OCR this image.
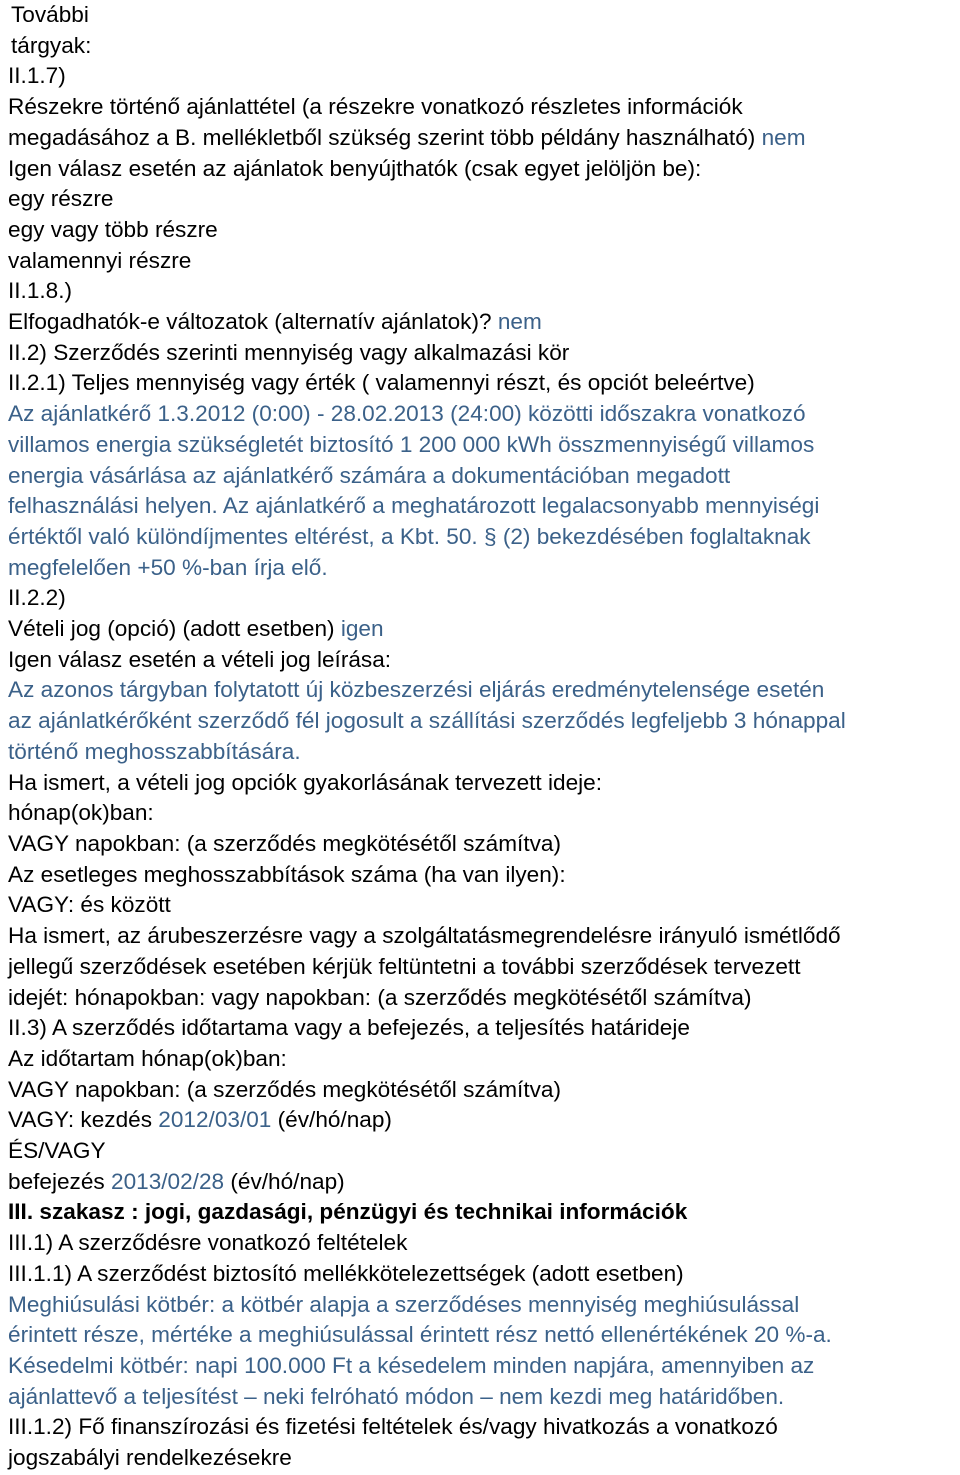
További
tárgyak:
II.1.7)
Részekre történő ajánlattétel (a részekre vonatkozó részletes információk
megadásához a B. mellékletből szükség szerint több példány használható) nem
Igen válasz esetén az ajánlatok benyújthatók (csak egyet jelöljön be):
egy részre
egy vagy több részre
valamennyi részre
II.1.8.)
Elfogadhatók-e változatok (alternatív ajánlatok)? nem
II.2) Szerződés szerinti mennyiség vagy alkalmazási kör
II.2.1) Teljes mennyiség vagy érték ( valamennyi részt, és opciót beleértve)
Az ajánlatkérő 1.3.2012 (0:00) - 28.02.2013 (24:00) közötti időszakra vonatkozó
villamos energia szükségletét biztosító 1 200 000 kWh összmennyiségű villamos
energia vásárlása az ajánlatkérő számára a dokumentációban megadott
felhasználási helyen. Az ajánlatkérő a meghatározott legalacsonyabb mennyiségi
értéktől való különdíjmentes eltérést, a Kbt. 50. § (2) bekezdésében foglaltaknak
megfelelően +50 %-ban írja elő.
II.2.2)
Vételi jog (opció) (adott esetben) igen
Igen válasz esetén a vételi jog leírása:
Az azonos tárgyban folytatott új közbeszerzési eljárás eredménytelensége esetén
az ajánlatkérőként szerződő fél jogosult a szállítási szerződés legfeljebb 3 hónappal
történő meghosszabbítására.
Ha ismert, a vételi jog opciók gyakorlásának tervezett ideje:
hónap(ok)ban:
VAGY napokban: (a szerződés megkötésétől számítva)
Az esetleges meghosszabbítások száma (ha van ilyen):
VAGY: és között
Ha ismert, az árubeszerzésre vagy a szolgáltatásmegrendelésre irányuló ismétlődő
jellegű szerződések esetében kérjük feltüntetni a további szerződések tervezett
idejét: hónapokban: vagy napokban: (a szerződés megkötésétől számítva)
II.3) A szerződés időtartama vagy a befejezés, a teljesítés határideje
Az időtartam hónap(ok)ban:
VAGY napokban: (a szerződés megkötésétől számítva)
VAGY: kezdés 2012/03/01 (év/hó/nap)
ÉS/VAGY
befejezés 2013/02/28 (év/hó/nap)
III. szakasz : jogi, gazdasági, pénzügyi és technikai információk
III.1) A szerződésre vonatkozó feltételek
III.1.1) A szerződést biztosító mellékkötelezettségek (adott esetben)
Meghiúsulási kötbér: a kötbér alapja a szerződéses mennyiség meghiúsulással
érintett része, mértéke a meghiúsulással érintett rész nettó ellenértékének 20 %-a.
Késedelmi kötbér: napi 100.000 Ft a késedelem minden napjára, amennyiben az
ajánlattevő a teljesítést – neki felróható módon – nem kezdi meg határidőben.
III.1.2) Fő finanszírozási és fizetési feltételek és/vagy hivatkozás a vonatkozó
jogszabályi rendelkezésekre
